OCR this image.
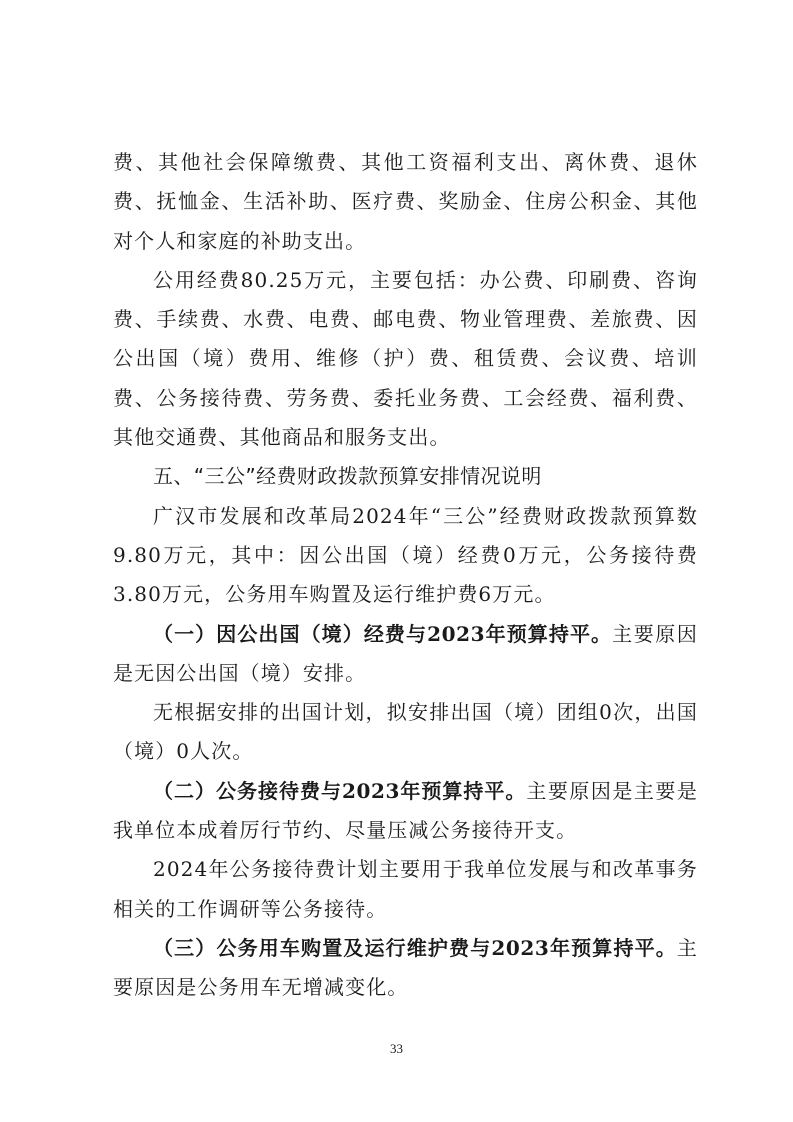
费、其他社会保障缴费、其他工资福利支出、离休费、退休费、抚恤金、生活补助、医疗费、奖励金、住房公积金、其他对个人和家庭的补助支出。

公用经费80.25万元，主要包括：办公费、印刷费、咨询费、手续费、水费、电费、邮电费、物业管理费、差旅费、因公出国（境）费用、维修（护）费、租赁费、会议费、培训费、公务接待费、劳务费、委托业务费、工会经费、福利费、其他交通费、其他商品和服务支出。

五、“三公”经费财政拨款预算安排情况说明

广汉市发展和改革局2024年“三公”经费财政拨款预算数9.80万元，其中：因公出国（境）经费0万元，公务接待费3.80万元，公务用车购置及运行维护费6万元。

（一）因公出国（境）经费与2023年预算持平。主要原因是无因公出国（境）安排。

无根据安排的出国计划，拟安排出国（境）团组0次，出国（境）0人次。

（二）公务接待费与2023年预算持平。主要原因是主要是我单位本成着厉行节约、尽量压减公务接待开支。

2024年公务接待费计划主要用于我单位发展与和改革事务相关的工作调研等公务接待。

（三）公务用车购置及运行维护费与2023年预算持平。主要原因是公务用车无增减变化。

33
